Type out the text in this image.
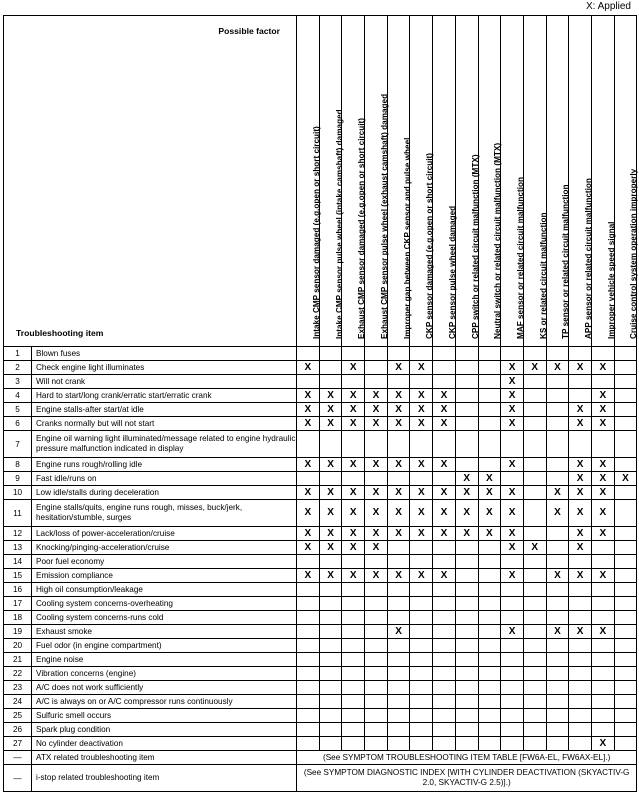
X: Applied
Possible factor
Troubleshooting item		Intake CMP sensor damaged (e.g.open or short circuit)	Intake CMP sensor pulse wheel (intake camshaft) damaged	Exhaust CMP sensor damaged (e.g.open or short circuit)	Exhaust CMP sensor pulse wheel (exhaust camshaft) damaged	Improper gap between CKP sensor and pulse wheel	CKP sensor damaged (e.g.open or short circuit)	CKP sensor pulse wheel damaged	CPP switch or related circuit malfunction (MTX)	Neutral switch or related circuit malfunction (MTX)	MAF sensor or related circuit malfunction	KS or related circuit malfunction	TP sensor or related circuit malfunction	APP sensor or related circuit malfunction	Improper vehicle speed signal	Cruise control system operation improperly

1	Blown fuses															
2	Check engine light illuminates	X		X		X	X				X	X	X	X	X	
3	Will not crank										X					
4	Hard to start/long crank/erratic start/erratic crank	X	X	X	X	X	X	X			X				X	
5	Engine stalls-after start/at idle	X	X	X	X	X	X	X			X			X	X	
6	Cranks normally but will not start	X	X	X	X	X	X	X			X			X	X	
7	Engine oil warning light illuminated/message related to engine hydraulic pressure malfunction indicated in display															
8	Engine runs rough/rolling idle	X	X	X	X	X	X	X			X			X	X	
9	Fast idle/runs on								X	X				X	X	X
10	Low idle/stalls during deceleration	X	X	X	X	X	X	X	X	X	X		X	X	X	
11	Engine stalls/quits, engine runs rough, misses, buck/jerk, hesitation/stumble, surges	X	X	X	X	X	X	X	X	X	X		X	X	X	
12	Lack/loss of power-acceleration/cruise	X	X	X	X	X	X	X	X	X	X			X	X	
13	Knocking/pinging-acceleration/cruise	X	X	X	X						X	X		X		
14	Poor fuel economy															
15	Emission compliance	X	X	X	X	X	X	X			X		X	X	X	
16	High oil consumption/leakage															
17	Cooling system concerns-overheating															
18	Cooling system concerns-runs cold															
19	Exhaust smoke					X					X		X	X	X	
20	Fuel odor (in engine compartment)															
21	Engine noise															
22	Vibration concerns (engine)															
23	A/C does not work sufficiently															
24	A/C is always on or A/C compressor runs continuously															
25	Sulfuric smell occurs															
26	Spark plug condition															
27	No cylinder deactivation														X	
—	ATX related troubleshooting item	(See SYMPTOM TROUBLESHOOTING ITEM TABLE [FW6A-EL, FW6AX-EL].)														
—	i-stop related troubleshooting item	(See SYMPTOM DIAGNOSTIC INDEX [WITH CYLINDER DEACTIVATION (SKYACTIV-G 2.0, SKYACTIV-G 2.5)].)														
